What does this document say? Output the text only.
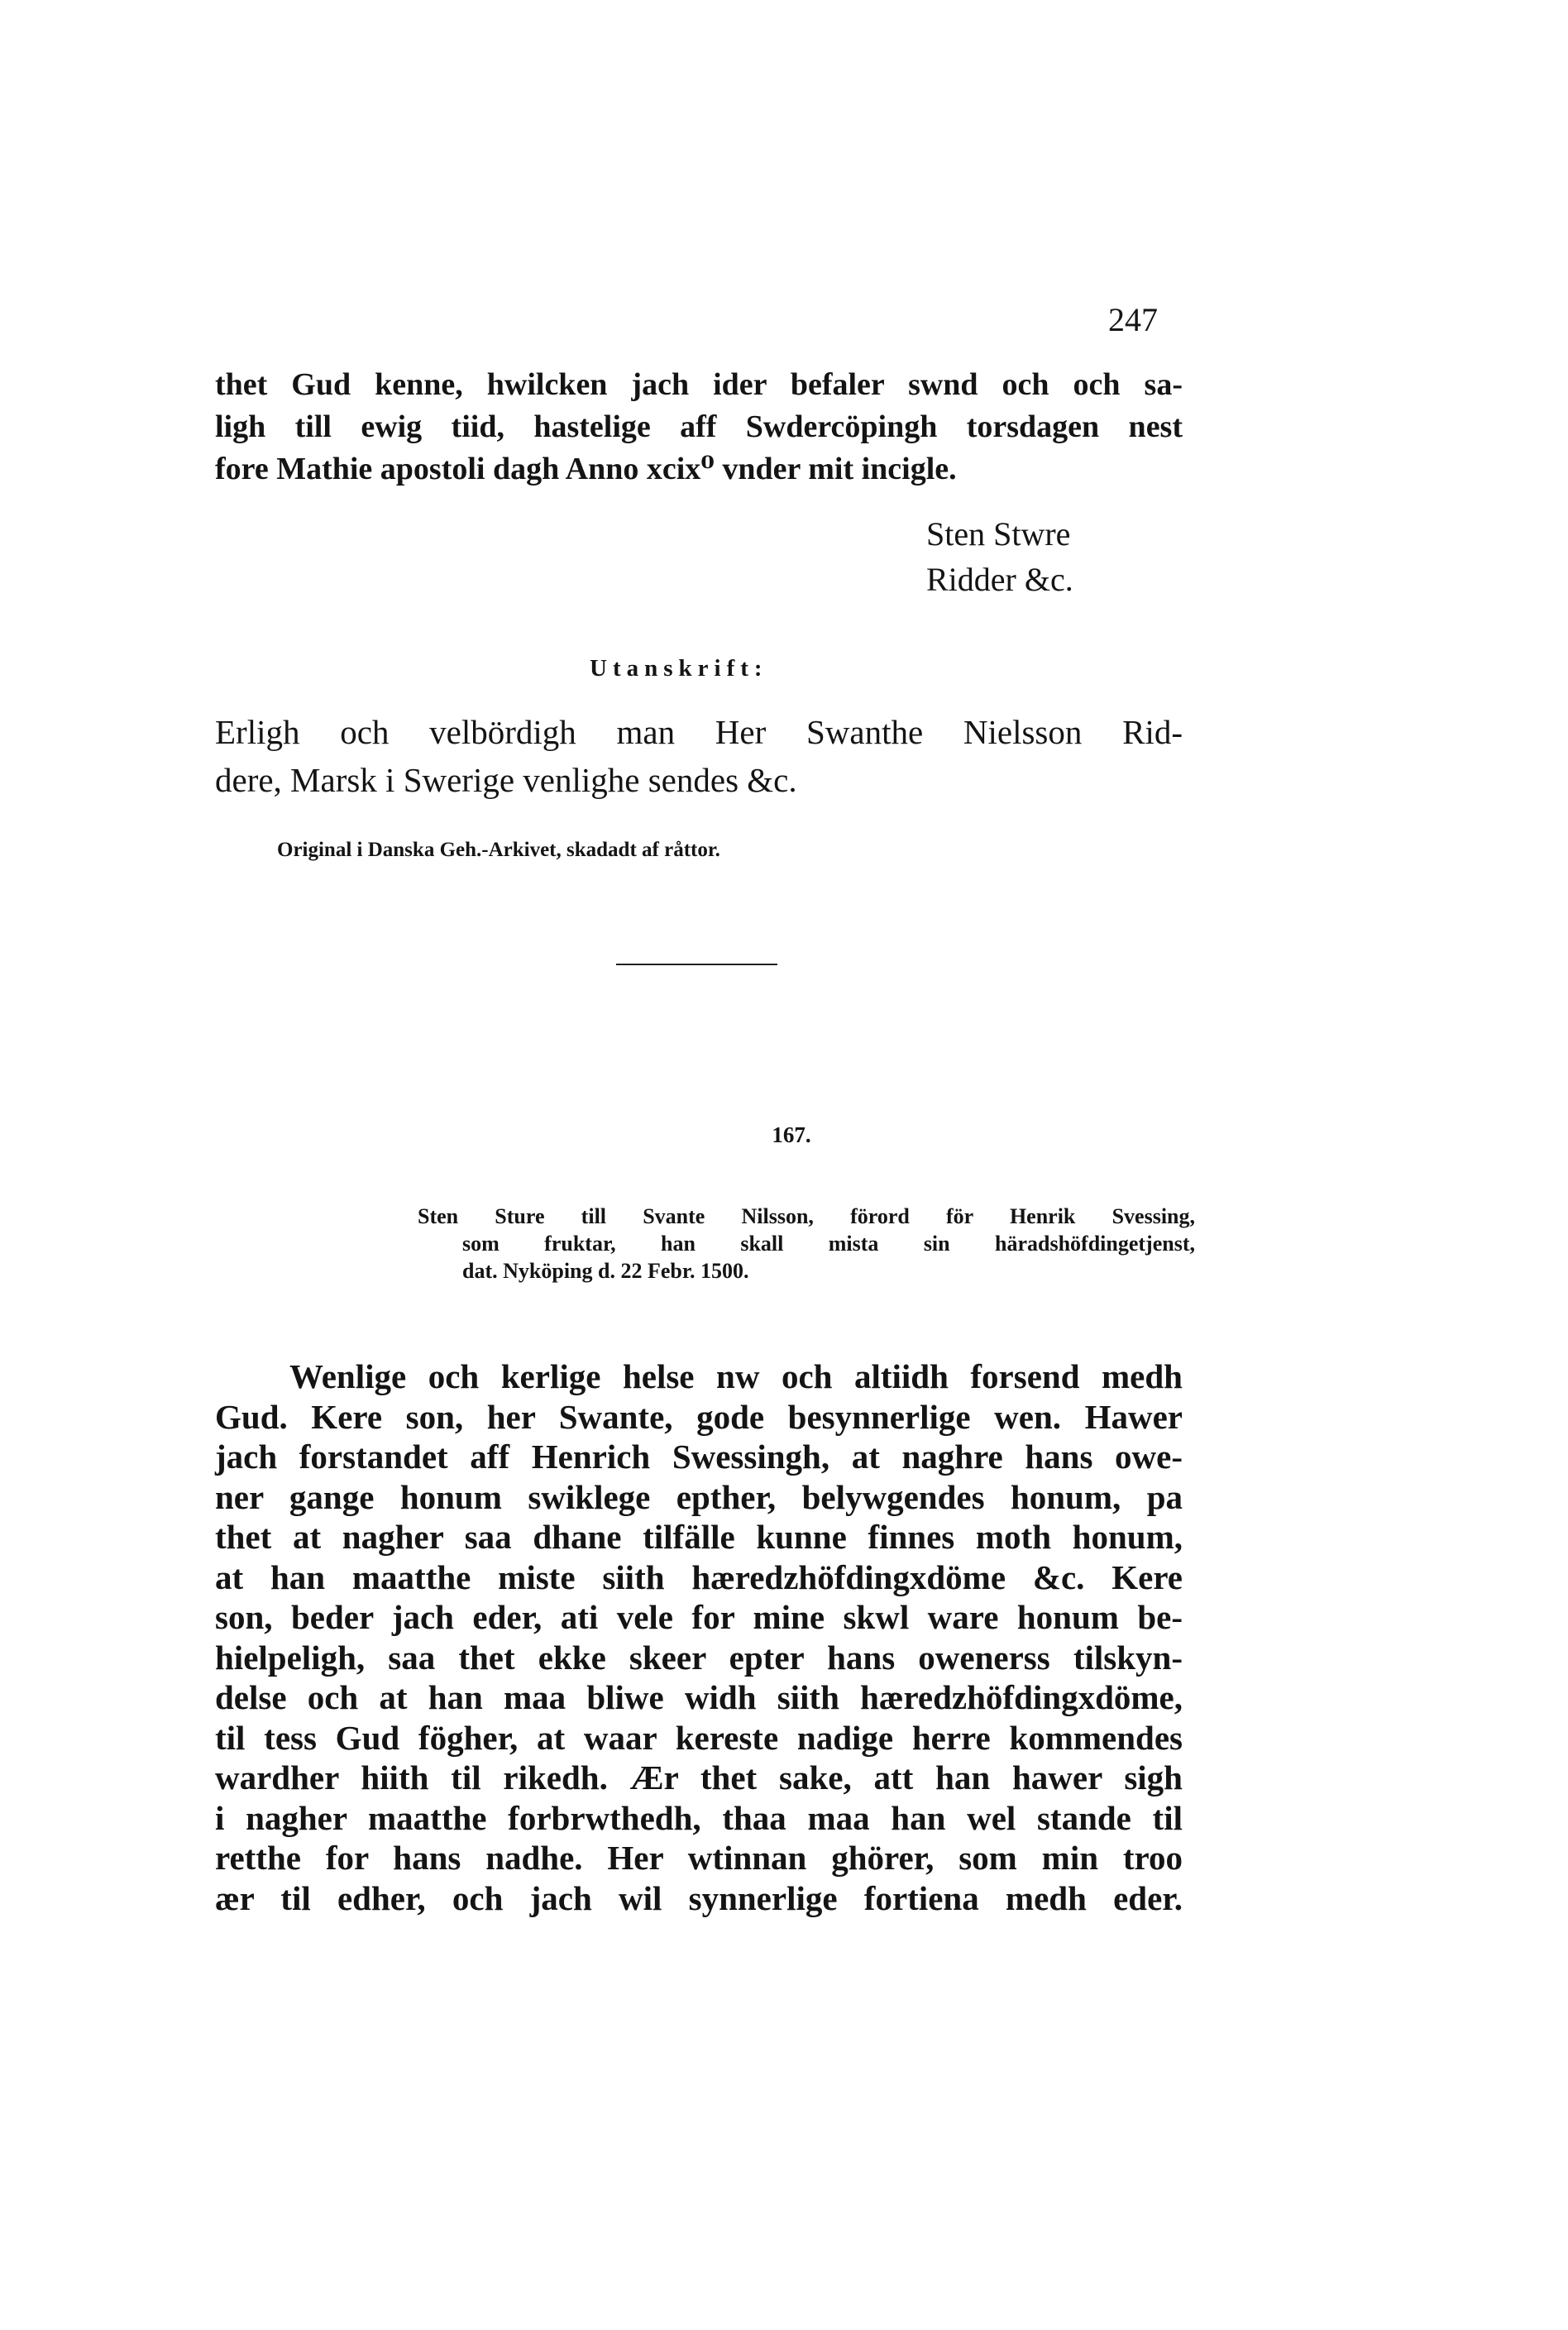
247
thet Gud kenne, hwilcken jach ider befaler swnd och och sa-
ligh till ewig tiid, hastelige aff Swdercöpingh torsdagen nest
fore Mathie apostoli dagh Anno xcix⁰ vnder mit incigle.
Sten Stwre
Ridder &c.
Utanskrift:
Erligh och velbördigh man Her Swanthe Nielsson Rid-
dere, Marsk i Swerige venlighe sendes &c.
Original i Danska Geh.-Arkivet, skadadt af råttor.
167.
Sten Sture till Svante Nilsson, förord för Henrik Svessing,
som fruktar, han skall mista sin häradshöfdingetjenst,
dat. Nyköping d. 22 Febr. 1500.
Wenlige och kerlige helse nw och altiidh forsend medh
Gud. Kere son, her Swante, gode besynnerlige wen. Hawer
jach forstandet aff Henrich Swessingh, at naghre hans owe-
ner gange honum swiklege epther, belywgendes honum, pa
thet at nagher saa dhane tilfälle kunne finnes moth honum,
at han maatthe miste siith hæredzhöfdingxdöme &c. Kere
son, beder jach eder, ati vele for mine skwl ware honum be-
hielpeligh, saa thet ekke skeer epter hans owenerss tilskyn-
delse och at han maa bliwe widh siith hæredzhöfdingxdöme,
til tess Gud fögher, at waar kereste nadige herre kommendes
wardher hiith til rikedh. Ær thet sake, att han hawer sigh
i nagher maatthe forbrwthedh, thaa maa han wel stande til
retthe for hans nadhe. Her wtinnan ghörer, som min troo
ær til edher, och jach wil synnerlige fortiena medh eder.
